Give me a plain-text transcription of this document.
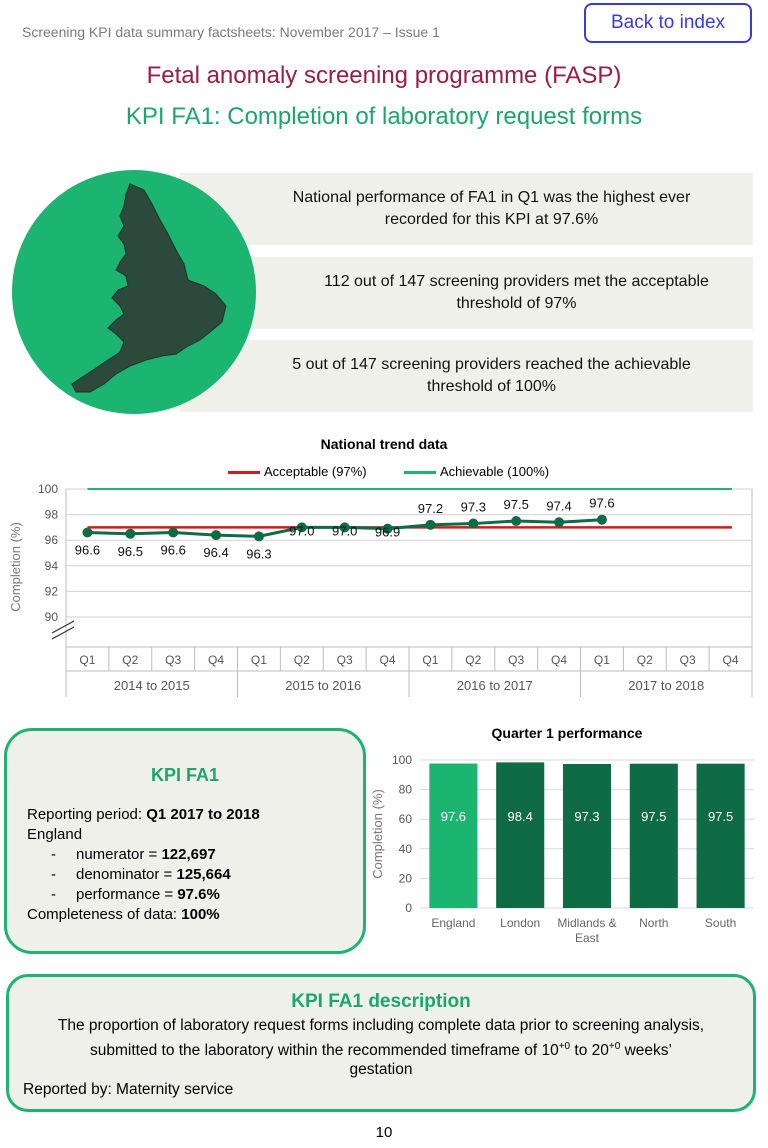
Screening KPI data summary factsheets: November 2017 – Issue 1	Back to index
Fetal anomaly screening programme (FASP)
KPI FA1: Completion of laboratory request forms
National performance of FA1 in Q1 was the highest ever
recorded for this KPI at 97.6%
112 out of 147 screening providers met the acceptable
threshold of 97%
5 out of 147 screening providers reached the achievable
threshold of 100%
National trend data
Acceptable (97%)	Achievable (100%)
90
92
94
96
98
100
Completion (%)
Q1 Q2 Q3 Q4 Q1 Q2 Q3 Q4 Q1 Q2 Q3 Q4 Q1 Q2 Q3 Q4
2014 to 2015	2015 to 2016	2016 to 2017	2017 to 2018
96.6 96.5 96.6 96.4 96.3
97.0 97.0 96.9
97.2 97.3 97.5 97.4 97.6
KPI FA1
Reporting period: Q1 2017 to 2018
England
- numerator = 122,697
- denominator = 125,664
- performance = 97.6%
Completeness of data: 100%
Quarter 1 performance
0
20
40
60
80
100
Completion (%)	97.6
England
98.4
London
97.3
Midlands &
East
97.5
North
97.5
South
KPI FA1 description
The proportion of laboratory request forms including complete data prior to screening analysis,
submitted to the laboratory within the recommended timeframe of $10^{+0}$ to $20^{+0}$ weeks’
gestation
Reported by: Maternity service
10
